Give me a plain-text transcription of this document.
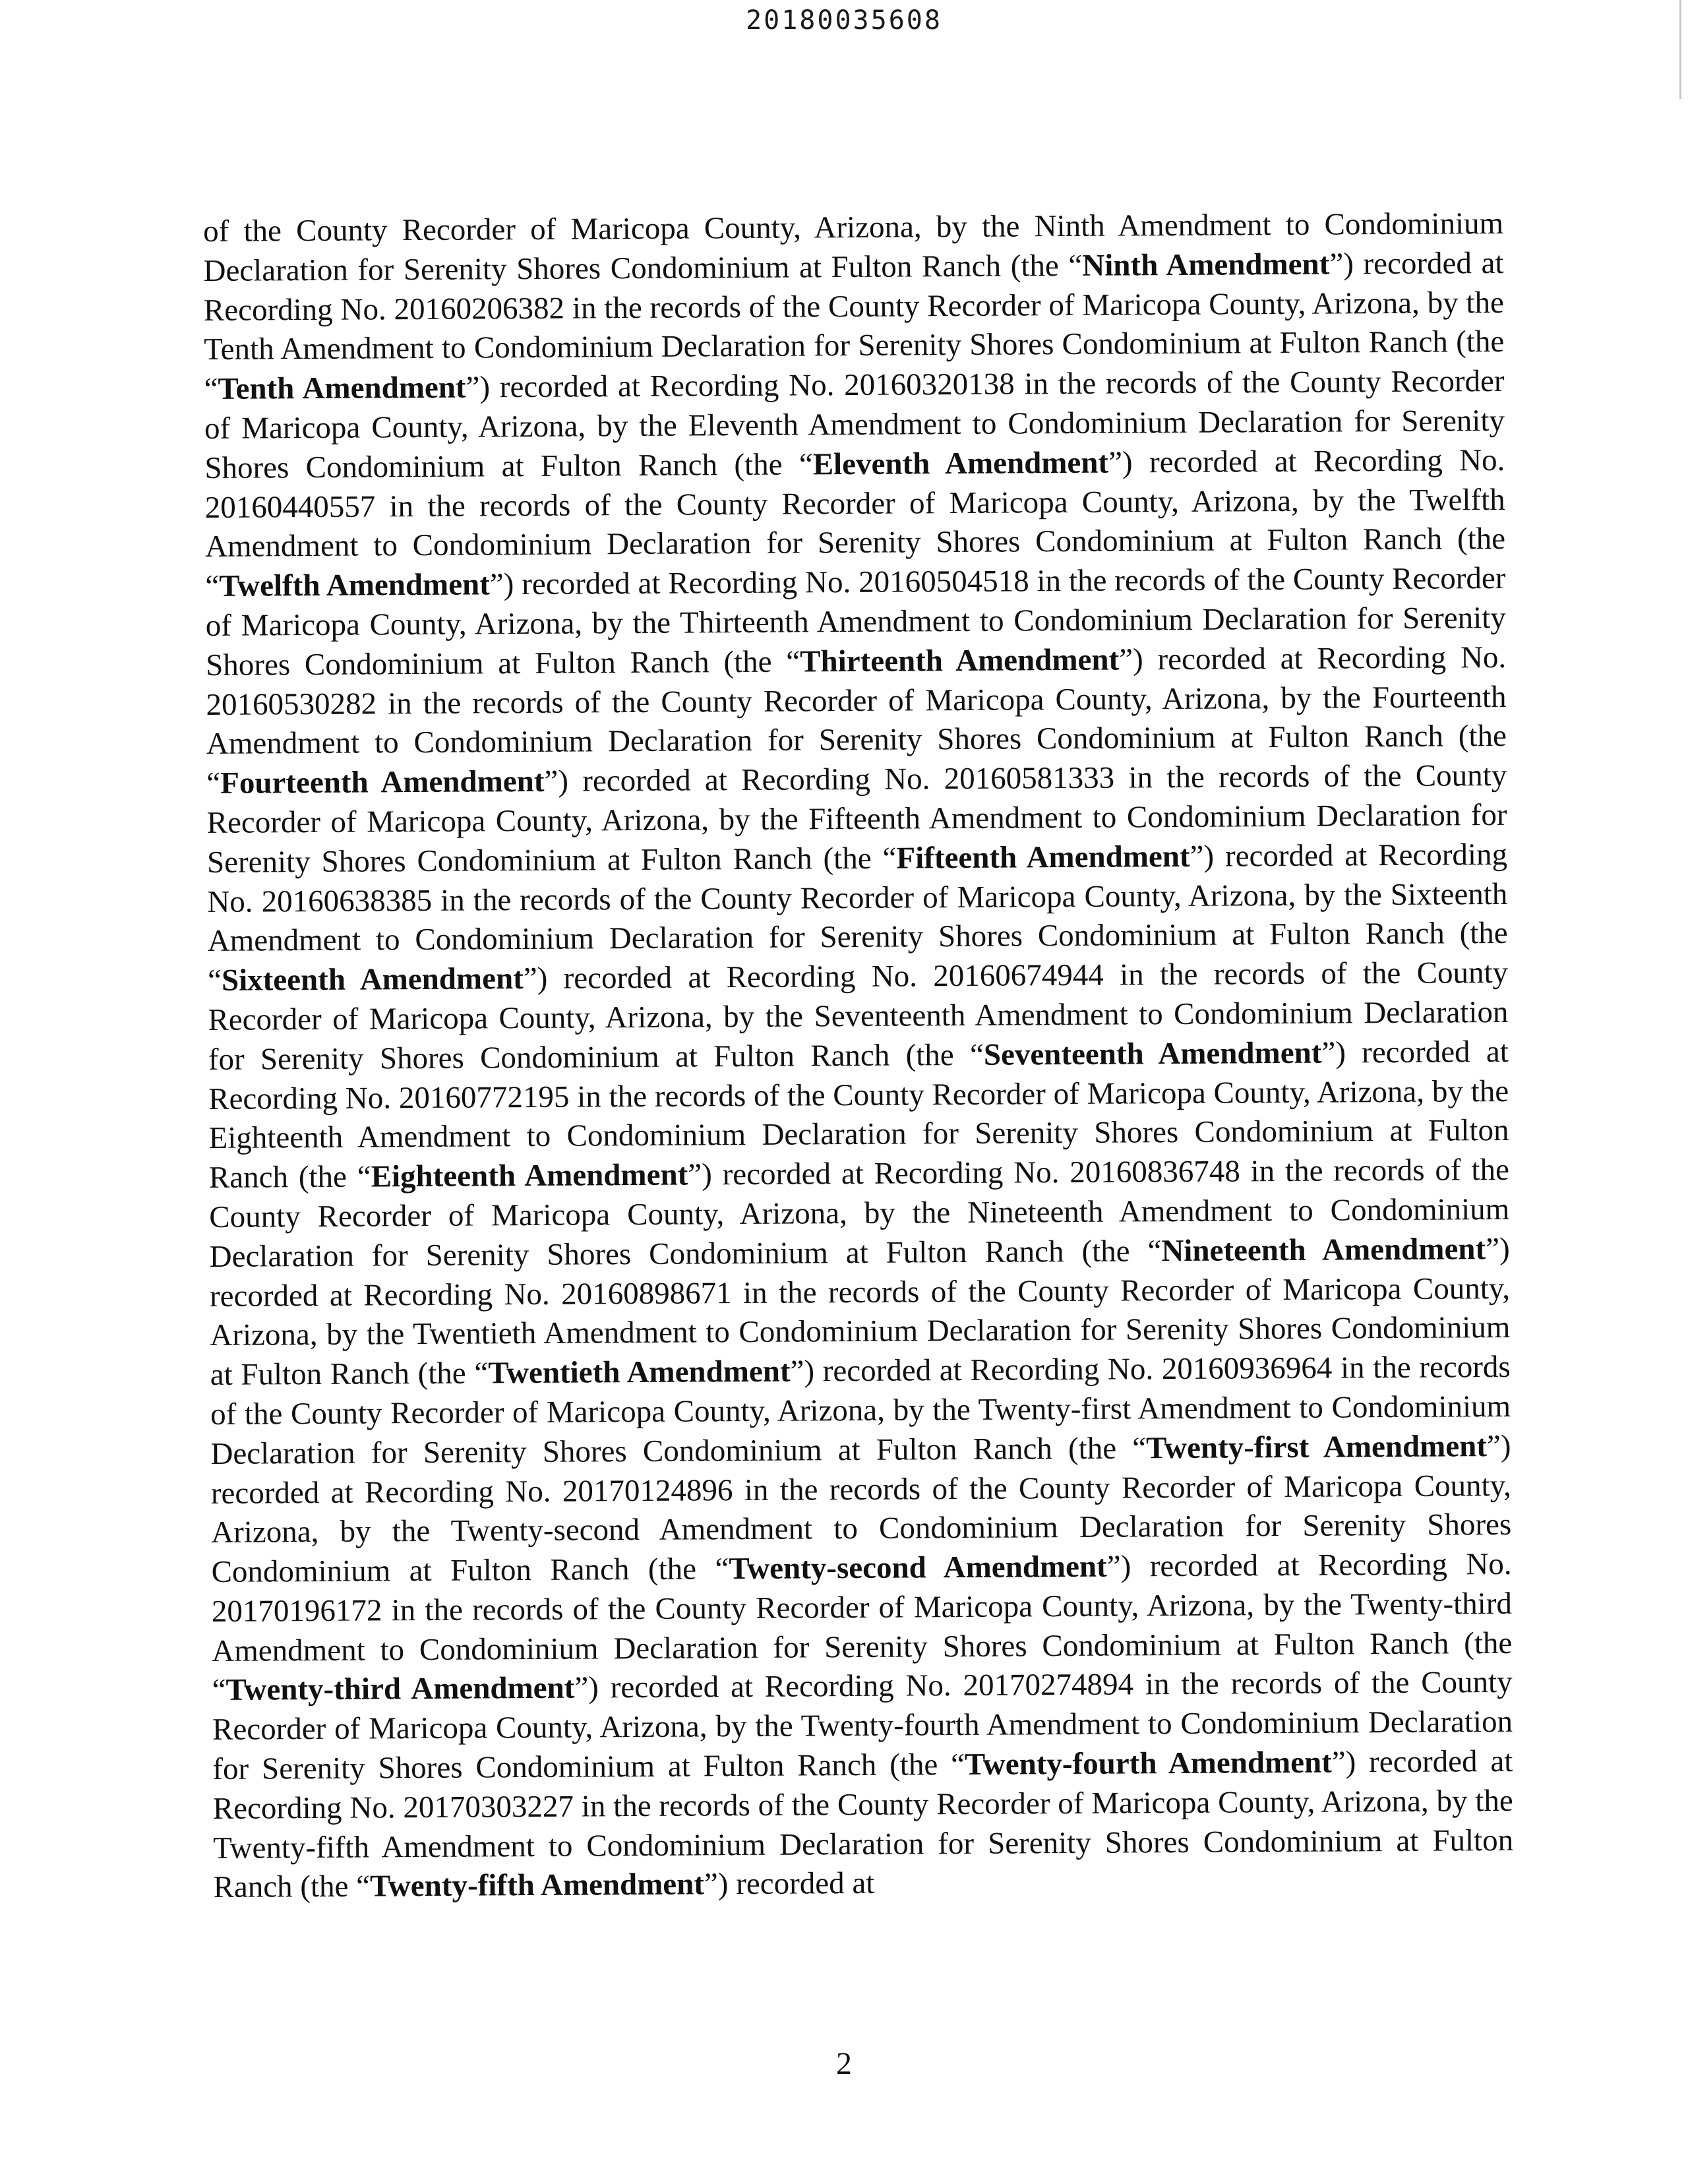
20180035608

of the County Recorder of Maricopa County, Arizona, by the Ninth Amendment to Condominium Declaration for Serenity Shores Condominium at Fulton Ranch (the “Ninth Amendment”) recorded at Recording No. 20160206382 in the records of the County Recorder of Maricopa County, Arizona, by the Tenth Amendment to Condominium Declaration for Serenity Shores Condominium at Fulton Ranch (the “Tenth Amendment”) recorded at Recording No. 20160320138 in the records of the County Recorder of Maricopa County, Arizona, by the Eleventh Amendment to Condominium Declaration for Serenity Shores Condominium at Fulton Ranch (the “Eleventh Amendment”) recorded at Recording No. 20160440557 in the records of the County Recorder of Maricopa County, Arizona, by the Twelfth Amendment to Condominium Declaration for Serenity Shores Condominium at Fulton Ranch (the “Twelfth Amendment”) recorded at Recording No. 20160504518 in the records of the County Recorder of Maricopa County, Arizona, by the Thirteenth Amendment to Condominium Declaration for Serenity Shores Condominium at Fulton Ranch (the “Thirteenth Amendment”) recorded at Recording No. 20160530282 in the records of the County Recorder of Maricopa County, Arizona, by the Fourteenth Amendment to Condominium Declaration for Serenity Shores Condominium at Fulton Ranch (the “Fourteenth Amendment”) recorded at Recording No. 20160581333 in the records of the County Recorder of Maricopa County, Arizona, by the Fifteenth Amendment to Condominium Declaration for Serenity Shores Condominium at Fulton Ranch (the “Fifteenth Amendment”) recorded at Recording No. 20160638385 in the records of the County Recorder of Maricopa County, Arizona, by the Sixteenth Amendment to Condominium Declaration for Serenity Shores Condominium at Fulton Ranch (the “Sixteenth Amendment”) recorded at Recording No. 20160674944 in the records of the County Recorder of Maricopa County, Arizona, by the Seventeenth Amendment to Condominium Declaration for Serenity Shores Condominium at Fulton Ranch (the “Seventeenth Amendment”) recorded at Recording No. 20160772195 in the records of the County Recorder of Maricopa County, Arizona, by the Eighteenth Amendment to Condominium Declaration for Serenity Shores Condominium at Fulton Ranch (the “Eighteenth Amendment”) recorded at Recording No. 20160836748 in the records of the County Recorder of Maricopa County, Arizona, by the Nineteenth Amendment to Condominium Declaration for Serenity Shores Condominium at Fulton Ranch (the “Nineteenth Amendment”) recorded at Recording No. 20160898671 in the records of the County Recorder of Maricopa County, Arizona, by the Twentieth Amendment to Condominium Declaration for Serenity Shores Condominium at Fulton Ranch (the “Twentieth Amendment”) recorded at Recording No. 20160936964 in the records of the County Recorder of Maricopa County, Arizona, by the Twenty-first Amendment to Condominium Declaration for Serenity Shores Condominium at Fulton Ranch (the “Twenty-first Amendment”) recorded at Recording No. 20170124896 in the records of the County Recorder of Maricopa County, Arizona, by the Twenty-second Amendment to Condominium Declaration for Serenity Shores Condominium at Fulton Ranch (the “Twenty-second Amendment”) recorded at Recording No. 20170196172 in the records of the County Recorder of Maricopa County, Arizona, by the Twenty-third Amendment to Condominium Declaration for Serenity Shores Condominium at Fulton Ranch (the “Twenty-third Amendment”) recorded at Recording No. 20170274894 in the records of the County Recorder of Maricopa County, Arizona, by the Twenty-fourth Amendment to Condominium Declaration for Serenity Shores Condominium at Fulton Ranch (the “Twenty-fourth Amendment”) recorded at Recording No. 20170303227 in the records of the County Recorder of Maricopa County, Arizona, by the Twenty-fifth Amendment to Condominium Declaration for Serenity Shores Condominium at Fulton Ranch (the “Twenty-fifth Amendment”) recorded at

2
